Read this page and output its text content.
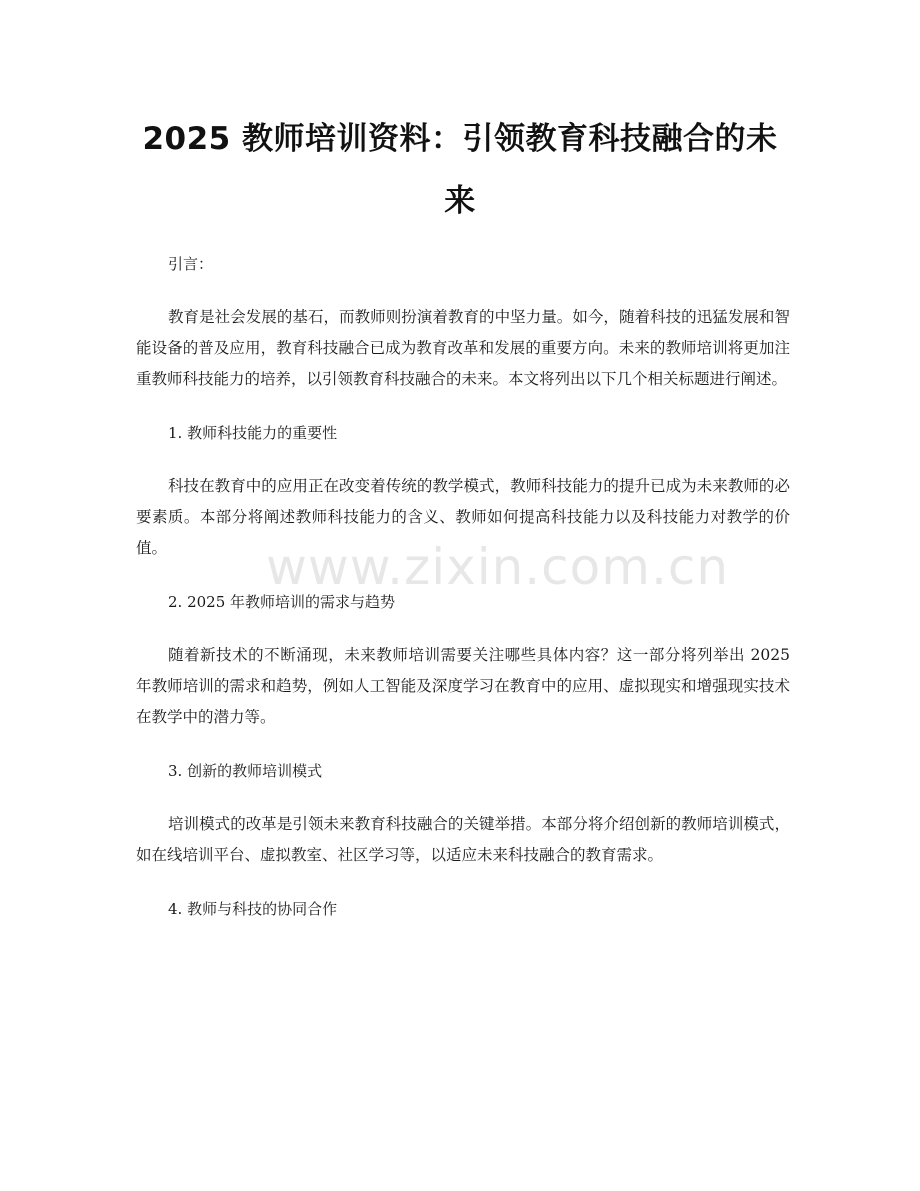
2025 教师培训资料：引领教育科技融合的未来

引言：

教育是社会发展的基石，而教师则扮演着教育的中坚力量。如今，随着科技的迅猛发展和智能设备的普及应用，教育科技融合已成为教育改革和发展的重要方向。未来的教师培训将更加注重教师科技能力的培养，以引领教育科技融合的未来。本文将列出以下几个相关标题进行阐述。

1. 教师科技能力的重要性

科技在教育中的应用正在改变着传统的教学模式，教师科技能力的提升已成为未来教师的必要素质。本部分将阐述教师科技能力的含义、教师如何提高科技能力以及科技能力对教学的价值。

2. 2025 年教师培训的需求与趋势

随着新技术的不断涌现，未来教师培训需要关注哪些具体内容？这一部分将列举出 2025 年教师培训的需求和趋势，例如人工智能及深度学习在教育中的应用、虚拟现实和增强现实技术在教学中的潜力等。

3. 创新的教师培训模式

培训模式的改革是引领未来教育科技融合的关键举措。本部分将介绍创新的教师培训模式，如在线培训平台、虚拟教室、社区学习等，以适应未来科技融合的教育需求。

4. 教师与科技的协同合作

www.zixin.com.cn
